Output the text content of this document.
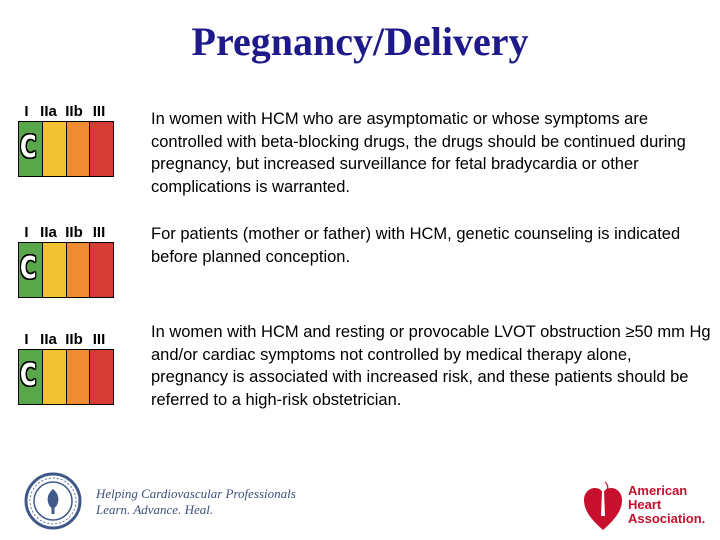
Pregnancy/Delivery
I IIa IIb III
C
In women with HCM who are asymptomatic or whose symptoms are controlled with beta-blocking drugs, the drugs should be continued during pregnancy, but increased surveillance for fetal bradycardia or other complications is warranted.
I IIa IIb III
C
For patients (mother or father) with HCM, genetic counseling is indicated before planned conception.
I IIa IIb III
C
In women with HCM and resting or provocable LVOT obstruction ≥50 mm Hg and/or cardiac symptoms not controlled by medical therapy alone, pregnancy is associated with increased risk, and these patients should be referred to a high-risk obstetrician.
Helping Cardiovascular Professionals
Learn. Advance. Heal.
American
Heart
Association.
